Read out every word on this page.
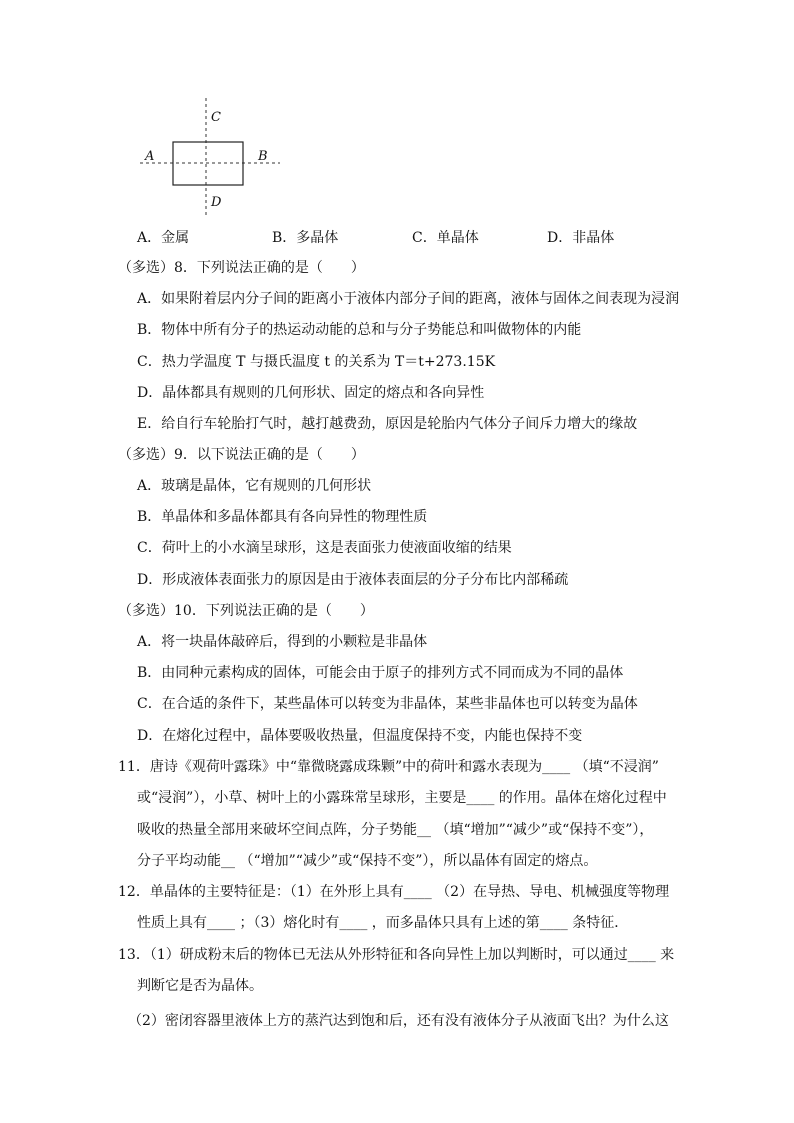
C
A	B
D
A．金属	B．多晶体	C．单晶体	D．非晶体
（多选）8．下列说法正确的是（　　）
A．如果附着层内分子间的距离小于液体内部分子间的距离，液体与固体之间表现为浸润
B．物体中所有分子的热运动动能的总和与分子势能总和叫做物体的内能
C．热力学温度 T 与摄氏温度 t 的关系为 T＝t+273.15K
D．晶体都具有规则的几何形状、固定的熔点和各向异性
E．给自行车轮胎打气时，越打越费劲，原因是轮胎内气体分子间斥力增大的缘故
（多选）9．以下说法正确的是（　　）
A．玻璃是晶体，它有规则的几何形状
B．单晶体和多晶体都具有各向异性的物理性质
C．荷叶上的小水滴呈球形，这是表面张力使液面收缩的结果
D．形成液体表面张力的原因是由于液体表面层的分子分布比内部稀疏
（多选）10．下列说法正确的是（　　）
A．将一块晶体敲碎后，得到的小颗粒是非晶体
B．由同种元素构成的固体，可能会由于原子的排列方式不同而成为不同的晶体
C．在合适的条件下，某些晶体可以转变为非晶体，某些非晶体也可以转变为晶体
D．在熔化过程中，晶体要吸收热量，但温度保持不变，内能也保持不变
11．唐诗《观荷叶露珠》中“靠微晓露成珠颗”中的荷叶和露水表现为____ （填“不浸润”
或“浸润”），小草、树叶上的小露珠常呈球形，主要是____ 的作用。晶体在熔化过程中
吸收的热量全部用来破坏空间点阵，分子势能__ （填“增加”“减少”或“保持不变”），
分子平均动能__ （“增加”“减少”或“保持不变”），所以晶体有固定的熔点。
12．单晶体的主要特征是：（1）在外形上具有____ （2）在导热、导电、机械强度等物理
性质上具有____ ；（3）熔化时有____ ，而多晶体只具有上述的第____ 条特征．
13．（1）研成粉末后的物体已无法从外形特征和各向异性上加以判断时，可以通过____ 来
判断它是否为晶体。
（2）密闭容器里液体上方的蒸汽达到饱和后，还有没有液体分子从液面飞出？为什么这
